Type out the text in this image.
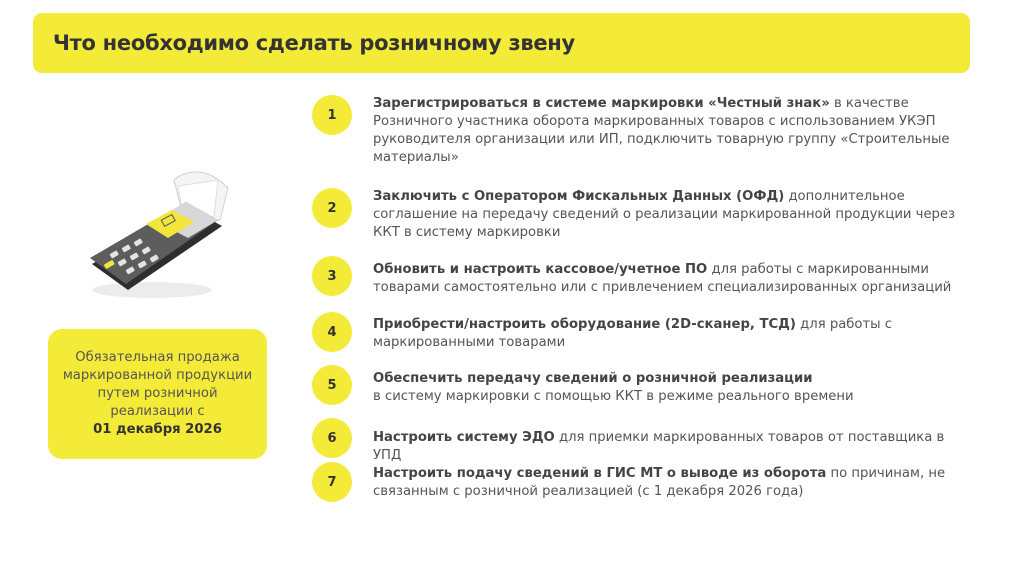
Что необходимо сделать розничному звену
Обязательная продажа маркированной продукции путем розничной реализации с
01 декабря 2026
1
Зарегистрироваться в системе маркировки «Честный знак» в качестве Розничного участника оборота маркированных товаров с использованием УКЭП руководителя организации или ИП, подключить товарную группу «Строительные материалы»
2
Заключить с Оператором Фискальных Данных (ОФД) дополнительное соглашение на передачу сведений о реализации маркированной продукции через ККТ в систему маркировки
3	Обновить и настроить кассовое/учетное ПО для работы с маркированными товарами самостоятельно или с привлечением специализированных организаций
4	Приобрести/настроить оборудование (2D-сканер, ТСД) для работы с маркированными товарами
5	Обеспечить передачу сведений о розничной реализации
в систему маркировки с помощью ККТ в режиме реального времени
6	Настроить систему ЭДО для приемки маркированных товаров от поставщика в УПД
7
Настроить подачу сведений в ГИС МТ о выводе из оборота по причинам, не связанным с розничной реализацией (с 1 декабря 2026 года)
